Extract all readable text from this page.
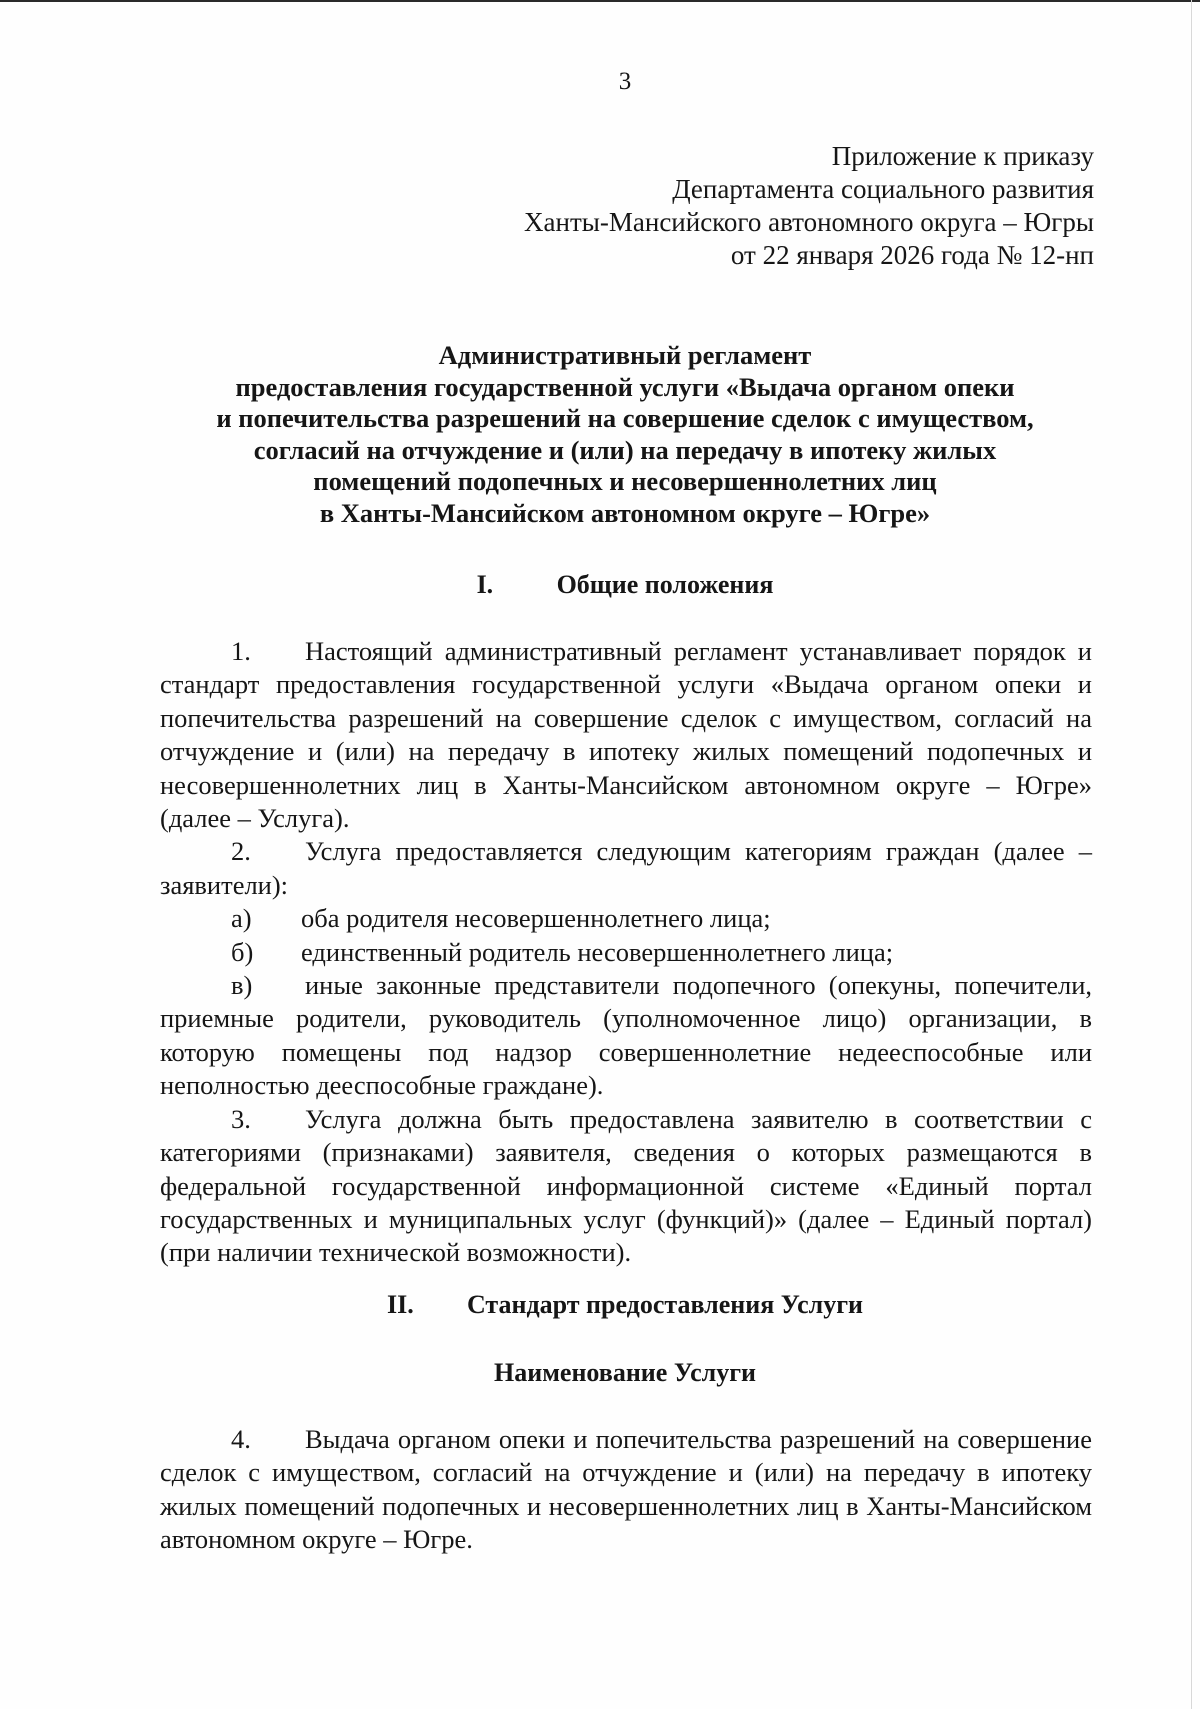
3
Приложение к приказу
Департамента социального развития
Ханты-Мансийского автономного округа – Югры
от 22 января 2026 года № 12-нп
Административный регламент
предоставления государственной услуги «Выдача органом опеки
и попечительства разрешений на совершение сделок с имуществом,
согласий на отчуждение и (или) на передачу в ипотеку жилых
помещений подопечных и несовершеннолетних лиц
в Ханты-Мансийском автономном округе – Югре»
I. Общие положения
1. Настоящий административный регламент устанавливает порядок и стандарт предоставления государственной услуги «Выдача органом опеки и попечительства разрешений на совершение сделок с имуществом, согласий на отчуждение и (или) на передачу в ипотеку жилых помещений подопечных и несовершеннолетних лиц в Ханты-Мансийском автономном округе – Югре» (далее – Услуга).
2. Услуга предоставляется следующим категориям граждан (далее – заявители):
а) оба родителя несовершеннолетнего лица;
б) единственный родитель несовершеннолетнего лица;
в) иные законные представители подопечного (опекуны, попечители, приемные родители, руководитель (уполномоченное лицо) организации, в которую помещены под надзор совершеннолетние недееспособные или неполностью дееспособные граждане).
3. Услуга должна быть предоставлена заявителю в соответствии с категориями (признаками) заявителя, сведения о которых размещаются в федеральной государственной информационной системе «Единый портал государственных и муниципальных услуг (функций)» (далее – Единый портал) (при наличии технической возможности).
II. Стандарт предоставления Услуги
Наименование Услуги
4. Выдача органом опеки и попечительства разрешений на совершение сделок с имуществом, согласий на отчуждение и (или) на передачу в ипотеку жилых помещений подопечных и несовершеннолетних лиц в Ханты-Мансийском автономном округе – Югре.
